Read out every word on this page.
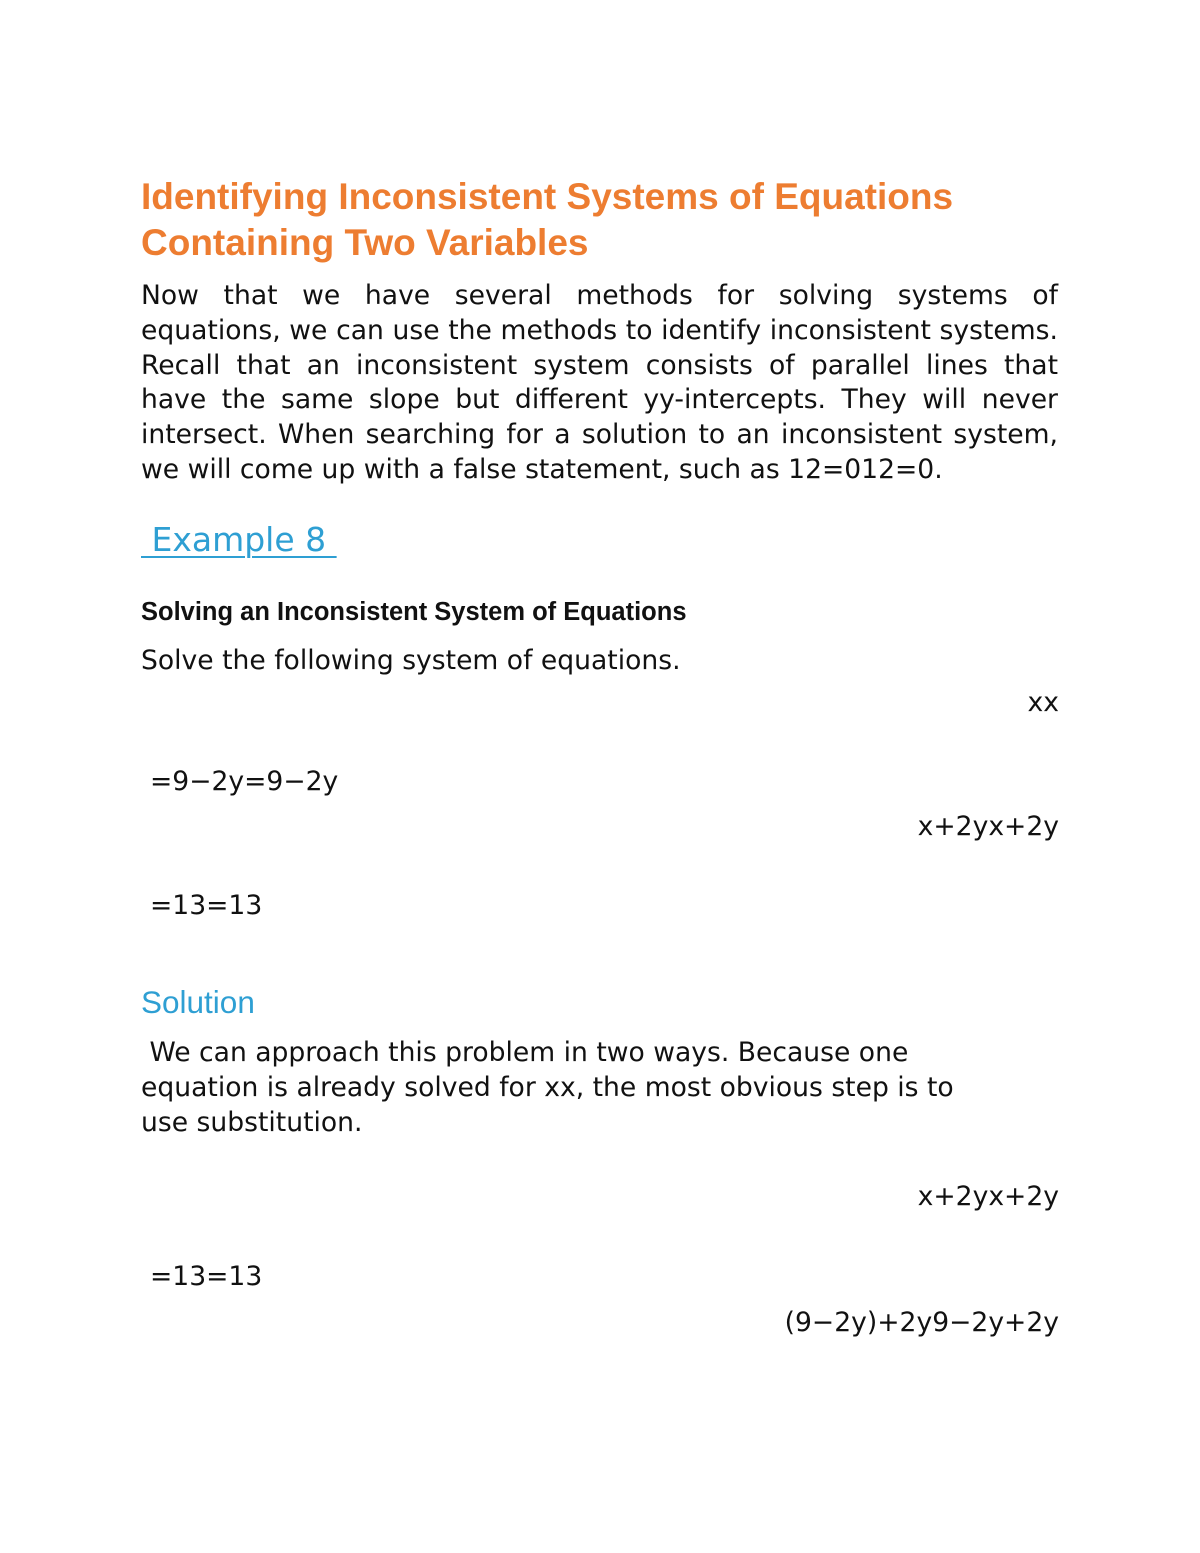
Identifying Inconsistent Systems of Equations
Containing Two Variables

Now that we have several methods for solving systems of equations, we can use the methods to identify inconsistent systems. Recall that an inconsistent system consists of parallel lines that have the same slope but different yy-intercepts. They will never intersect. When searching for a solution to an inconsistent system, we will come up with a false statement, such as 12=012=0.

Example 8
Solving an Inconsistent System of Equations
Solve the following system of equations.
xx
=9−2y=9−2y
x+2yx+2y
=13=13
Solution

We can approach this problem in two ways. Because one
equation is already solved for xx, the most obvious step is to
use substitution.

x+2yx+2y
=13=13
(9−2y)+2y9−2y+2y
